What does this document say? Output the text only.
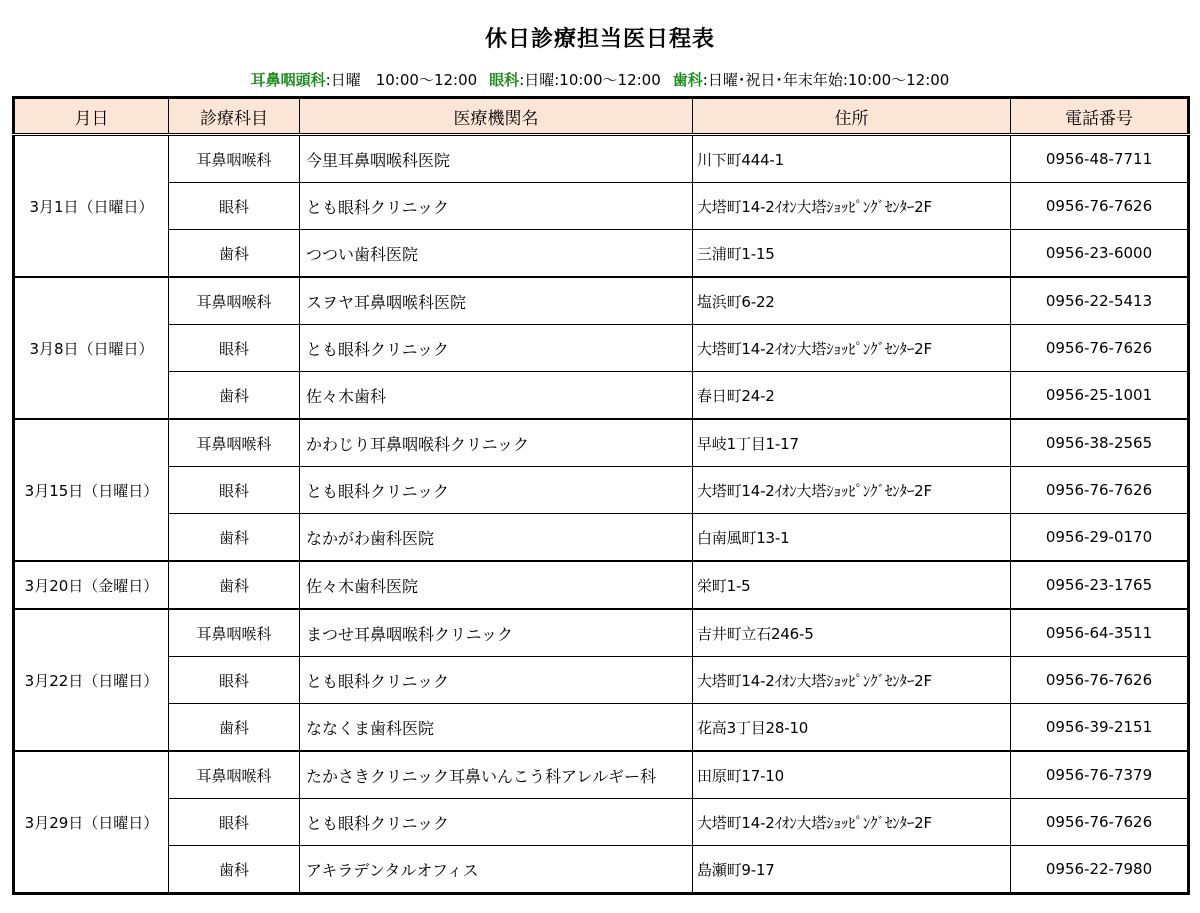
休日診療担当医日程表
耳鼻咽頭科:日曜　10:00〜12:00 眼科:日曜:10:00〜12:00 歯科:日曜･祝日･年末年始:10:00〜12:00
月日	診療科目	医療機関名	住所	電話番号
3月1日（日曜日）	耳鼻咽喉科	今里耳鼻咽喉科医院	川下町444-1	0956-48-7711
	眼科	とも眼科クリニック	大塔町14-2ｲｵﾝ大塔ｼｮｯﾋﾟﾝｸﾞｾﾝﾀｰ2F	0956-76-7626
	歯科	つつい歯科医院	三浦町1-15	0956-23-6000
3月8日（日曜日）	耳鼻咽喉科	スヲヤ耳鼻咽喉科医院	塩浜町6-22	0956-22-5413
	眼科	とも眼科クリニック	大塔町14-2ｲｵﾝ大塔ｼｮｯﾋﾟﾝｸﾞｾﾝﾀｰ2F	0956-76-7626
	歯科	佐々木歯科	春日町24-2	0956-25-1001
3月15日（日曜日）	耳鼻咽喉科	かわじり耳鼻咽喉科クリニック	早岐1丁目1-17	0956-38-2565
	眼科	とも眼科クリニック	大塔町14-2ｲｵﾝ大塔ｼｮｯﾋﾟﾝｸﾞｾﾝﾀｰ2F	0956-76-7626
	歯科	なかがわ歯科医院	白南風町13-1	0956-29-0170
3月20日（金曜日）	歯科	佐々木歯科医院	栄町1-5	0956-23-1765
3月22日（日曜日）	耳鼻咽喉科	まつせ耳鼻咽喉科クリニック	吉井町立石246-5	0956-64-3511
	眼科	とも眼科クリニック	大塔町14-2ｲｵﾝ大塔ｼｮｯﾋﾟﾝｸﾞｾﾝﾀｰ2F	0956-76-7626
	歯科	ななくま歯科医院	花高3丁目28-10	0956-39-2151
3月29日（日曜日）	耳鼻咽喉科	たかさきクリニック耳鼻いんこう科アレルギー科	田原町17-10	0956-76-7379
	眼科	とも眼科クリニック	大塔町14-2ｲｵﾝ大塔ｼｮｯﾋﾟﾝｸﾞｾﾝﾀｰ2F	0956-76-7626
	歯科	アキラデンタルオフィス	島瀬町9-17	0956-22-7980
